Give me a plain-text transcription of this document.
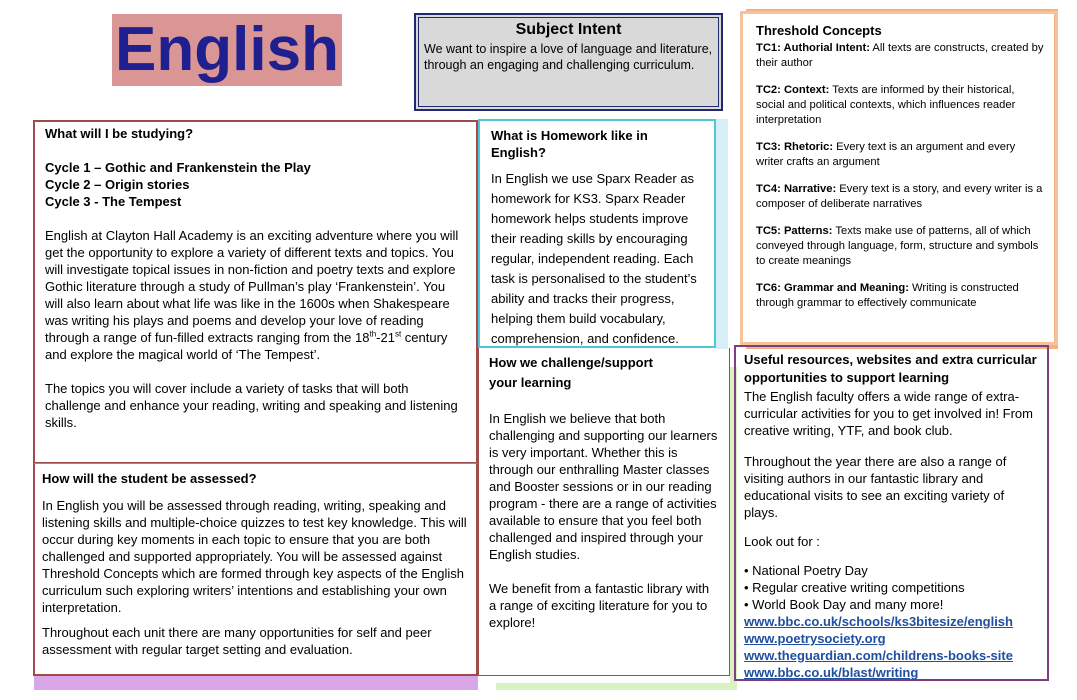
English	Subject Intent
We want to inspire a love of language and literature, through an engaging and challenging curriculum.
Threshold Concepts
TC1: Authorial Intent: All texts are constructs, created by their author
TC2: Context: Texts are informed by their historical, social and political contexts, which influences reader interpretation
TC3: Rhetoric: Every text is an argument and every writer crafts an argument
TC4: Narrative: Every text is a story, and every writer is a composer of deliberate narratives
TC5: Patterns: Texts make use of patterns, all of which conveyed through language, form, structure and symbols to create meanings
TC6: Grammar and Meaning: Writing is constructed through grammar to effectively communicate

What will I be studying?

Cycle 1 – Gothic and Frankenstein the Play

Cycle 2 – Origin stories

Cycle 3 - The Tempest

English at Clayton Hall Academy is an exciting adventure where you will get the opportunity to explore a variety of different texts and topics. You will investigate topical issues in non-fiction and poetry texts and explore Gothic literature through a study of Pullman’s play ‘Frankenstein’. You will also learn about what life was like in the 1600s when Shakespeare was writing his plays and poems and develop your love of reading through a range of fun-filled extracts ranging from the 18th-21st century and explore the magical world of ‘The Tempest’.

The topics you will cover include a variety of tasks that will both challenge and enhance your reading, writing and speaking and listening skills.

How will the student be assessed?

In English you will be assessed through reading, writing, speaking and listening skills and multiple-choice quizzes to test key knowledge. This will occur during key moments in each topic to ensure that you are both challenged and supported appropriately. You will be assessed against Threshold Concepts which are formed through key aspects of the English curriculum such exploring writers’ intentions and establishing your own interpretation.

Throughout each unit there are many opportunities for self and peer assessment with regular target setting and evaluation.

What is Homework like in English?

In English we use Sparx Reader as homework for KS3. Sparx Reader homework helps students improve their reading skills by encouraging regular, independent reading. Each task is personalised to the student’s ability and tracks their progress, helping them build vocabulary, comprehension, and confidence.

How we challenge/support your learning

In English we believe that both challenging and supporting our learners is very important. Whether this is through our enthralling Master classes and Booster sessions or in our reading program - there are a range of activities available to ensure that you feel both challenged and inspired through your English studies.

We benefit from a fantastic library with a range of exciting literature for you to explore!

Useful resources, websites and extra curricular opportunities to support learning

The English faculty offers a wide range of extra-curricular activities for you to get involved in! From creative writing, YTF, and book club.

Throughout the year there are also a range of visiting authors in our fantastic library and educational visits to see an exciting variety of plays.

Look out for :

• National Poetry Day
• Regular creative writing competitions
• World Book Day and many more!
www.bbc.co.uk/schools/ks3bitesize/english
www.poetrysociety.org
www.theguardian.com/childrens-books-site
www.bbc.co.uk/blast/writing
